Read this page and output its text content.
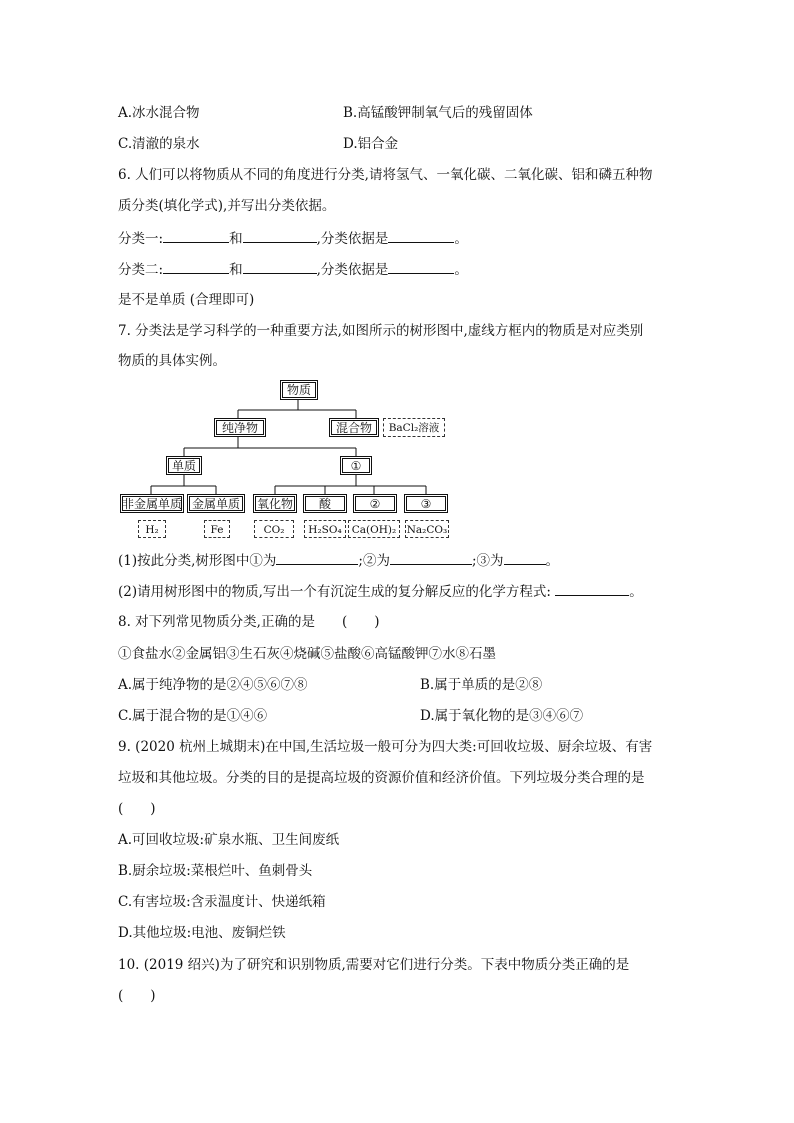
A.冰水混合物	B.高锰酸钾制氧气后的残留固体
C.清澈的泉水	D.铝合金
6. 人们可以将物质从不同的角度进行分类,请将氢气、一氧化碳、二氧化碳、铝和磷五种物
质分类(填化学式),并写出分类依据。
分类一:	和	,分类依据是	。
分类二:	和	,分类依据是	。
是不是单质 (合理即可)
7. 分类法是学习科学的一种重要方法,如图所示的树形图中,虚线方框内的物质是对应类别
物质的具体实例。
物质
纯净物	混合物	BaCl₂溶液
单质	①
非金属单质 金属单质	氧化物	酸	②	③
H₂	Fe	CO₂	H₂SO₄ Ca(OH)₂	Na₂CO₃
(1)按此分类,树形图中①为	;②为	;③为	。
(2)请用树形图中的物质,写出一个有沉淀生成的复分解反应的化学方程式:	。
8. 对下列常见物质分类,正确的是　　(　　)
①食盐水②金属铝③生石灰④烧碱⑤盐酸⑥高锰酸钾⑦水⑧石墨
A.属于纯净物的是②④⑤⑥⑦⑧	B.属于单质的是②⑧
C.属于混合物的是①④⑥	D.属于氧化物的是③④⑥⑦
9. (2020 杭州上城期末)在中国,生活垃圾一般可分为四大类:可回收垃圾、厨余垃圾、有害
垃圾和其他垃圾。分类的目的是提高垃圾的资源价值和经济价值。下列垃圾分类合理的是
(　　)
A.可回收垃圾:矿泉水瓶、卫生间废纸
B.厨余垃圾:菜根烂叶、鱼刺骨头
C.有害垃圾:含汞温度计、快递纸箱
D.其他垃圾:电池、废铜烂铁
10. (2019 绍兴)为了研究和识别物质,需要对它们进行分类。下表中物质分类正确的是
(　　)
